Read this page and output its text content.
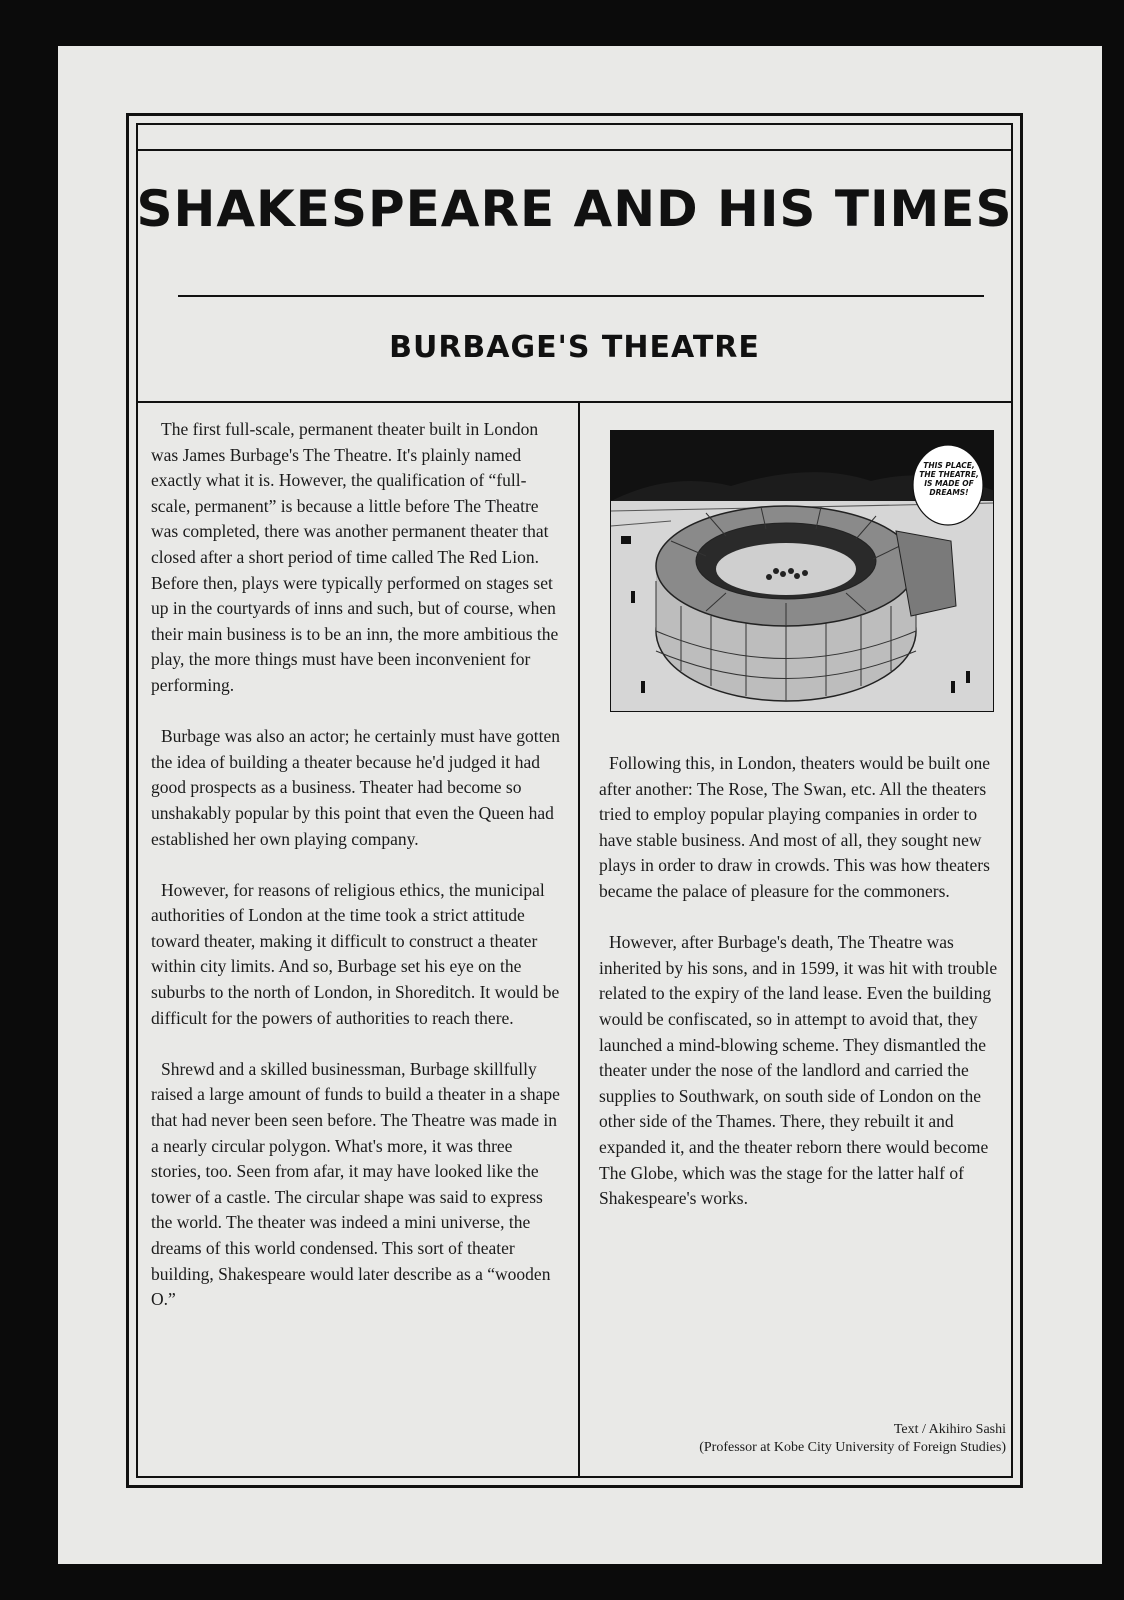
SHAKESPEARE AND HIS TIMES
BURBAGE'S THEATRE

The first full-scale, permanent theater built in London was James Burbage's The Theatre. It's plainly named exactly what it is. However, the qualification of “full-scale, permanent” is because a little before The Theatre was completed, there was another permanent theater that closed after a short period of time called The Red Lion. Before then, plays were typically performed on stages set up in the courtyards of inns and such, but of course, when their main business is to be an inn, the more ambitious the play, the more things must have been inconvenient for performing.

Burbage was also an actor; he certainly must have gotten the idea of building a theater because he'd judged it had good prospects as a business. Theater had become so unshakably popular by this point that even the Queen had established her own playing company.

However, for reasons of religious ethics, the municipal authorities of London at the time took a strict attitude toward theater, making it difficult to construct a theater within city limits. And so, Burbage set his eye on the suburbs to the north of London, in Shoreditch. It would be difficult for the powers of authorities to reach there.

Shrewd and a skilled businessman, Burbage skillfully raised a large amount of funds to build a theater in a shape that had never been seen before. The Theatre was made in a nearly circular polygon. What's more, it was three stories, too. Seen from afar, it may have looked like the tower of a castle. The circular shape was said to express the world. The theater was indeed a mini universe, the dreams of this world condensed. This sort of theater building, Shakespeare would later describe as a “wooden O.”

THIS PLACE, THE THEATRE, IS MADE OF DREAMS!

Following this, in London, theaters would be built one after another: The Rose, The Swan, etc. All the theaters tried to employ popular playing companies in order to have stable business. And most of all, they sought new plays in order to draw in crowds. This was how theaters became the palace of pleasure for the commoners.

However, after Burbage's death, The Theatre was inherited by his sons, and in 1599, it was hit with trouble related to the expiry of the land lease. Even the building would be confiscated, so in attempt to avoid that, they launched a mind-blowing scheme. They dismantled the theater under the nose of the landlord and carried the supplies to Southwark, on south side of London on the other side of the Thames. There, they rebuilt it and expanded it, and the theater reborn there would become The Globe, which was the stage for the latter half of Shakespeare's works.

Text / Akihiro Sashi
(Professor at Kobe City University of Foreign Studies)
